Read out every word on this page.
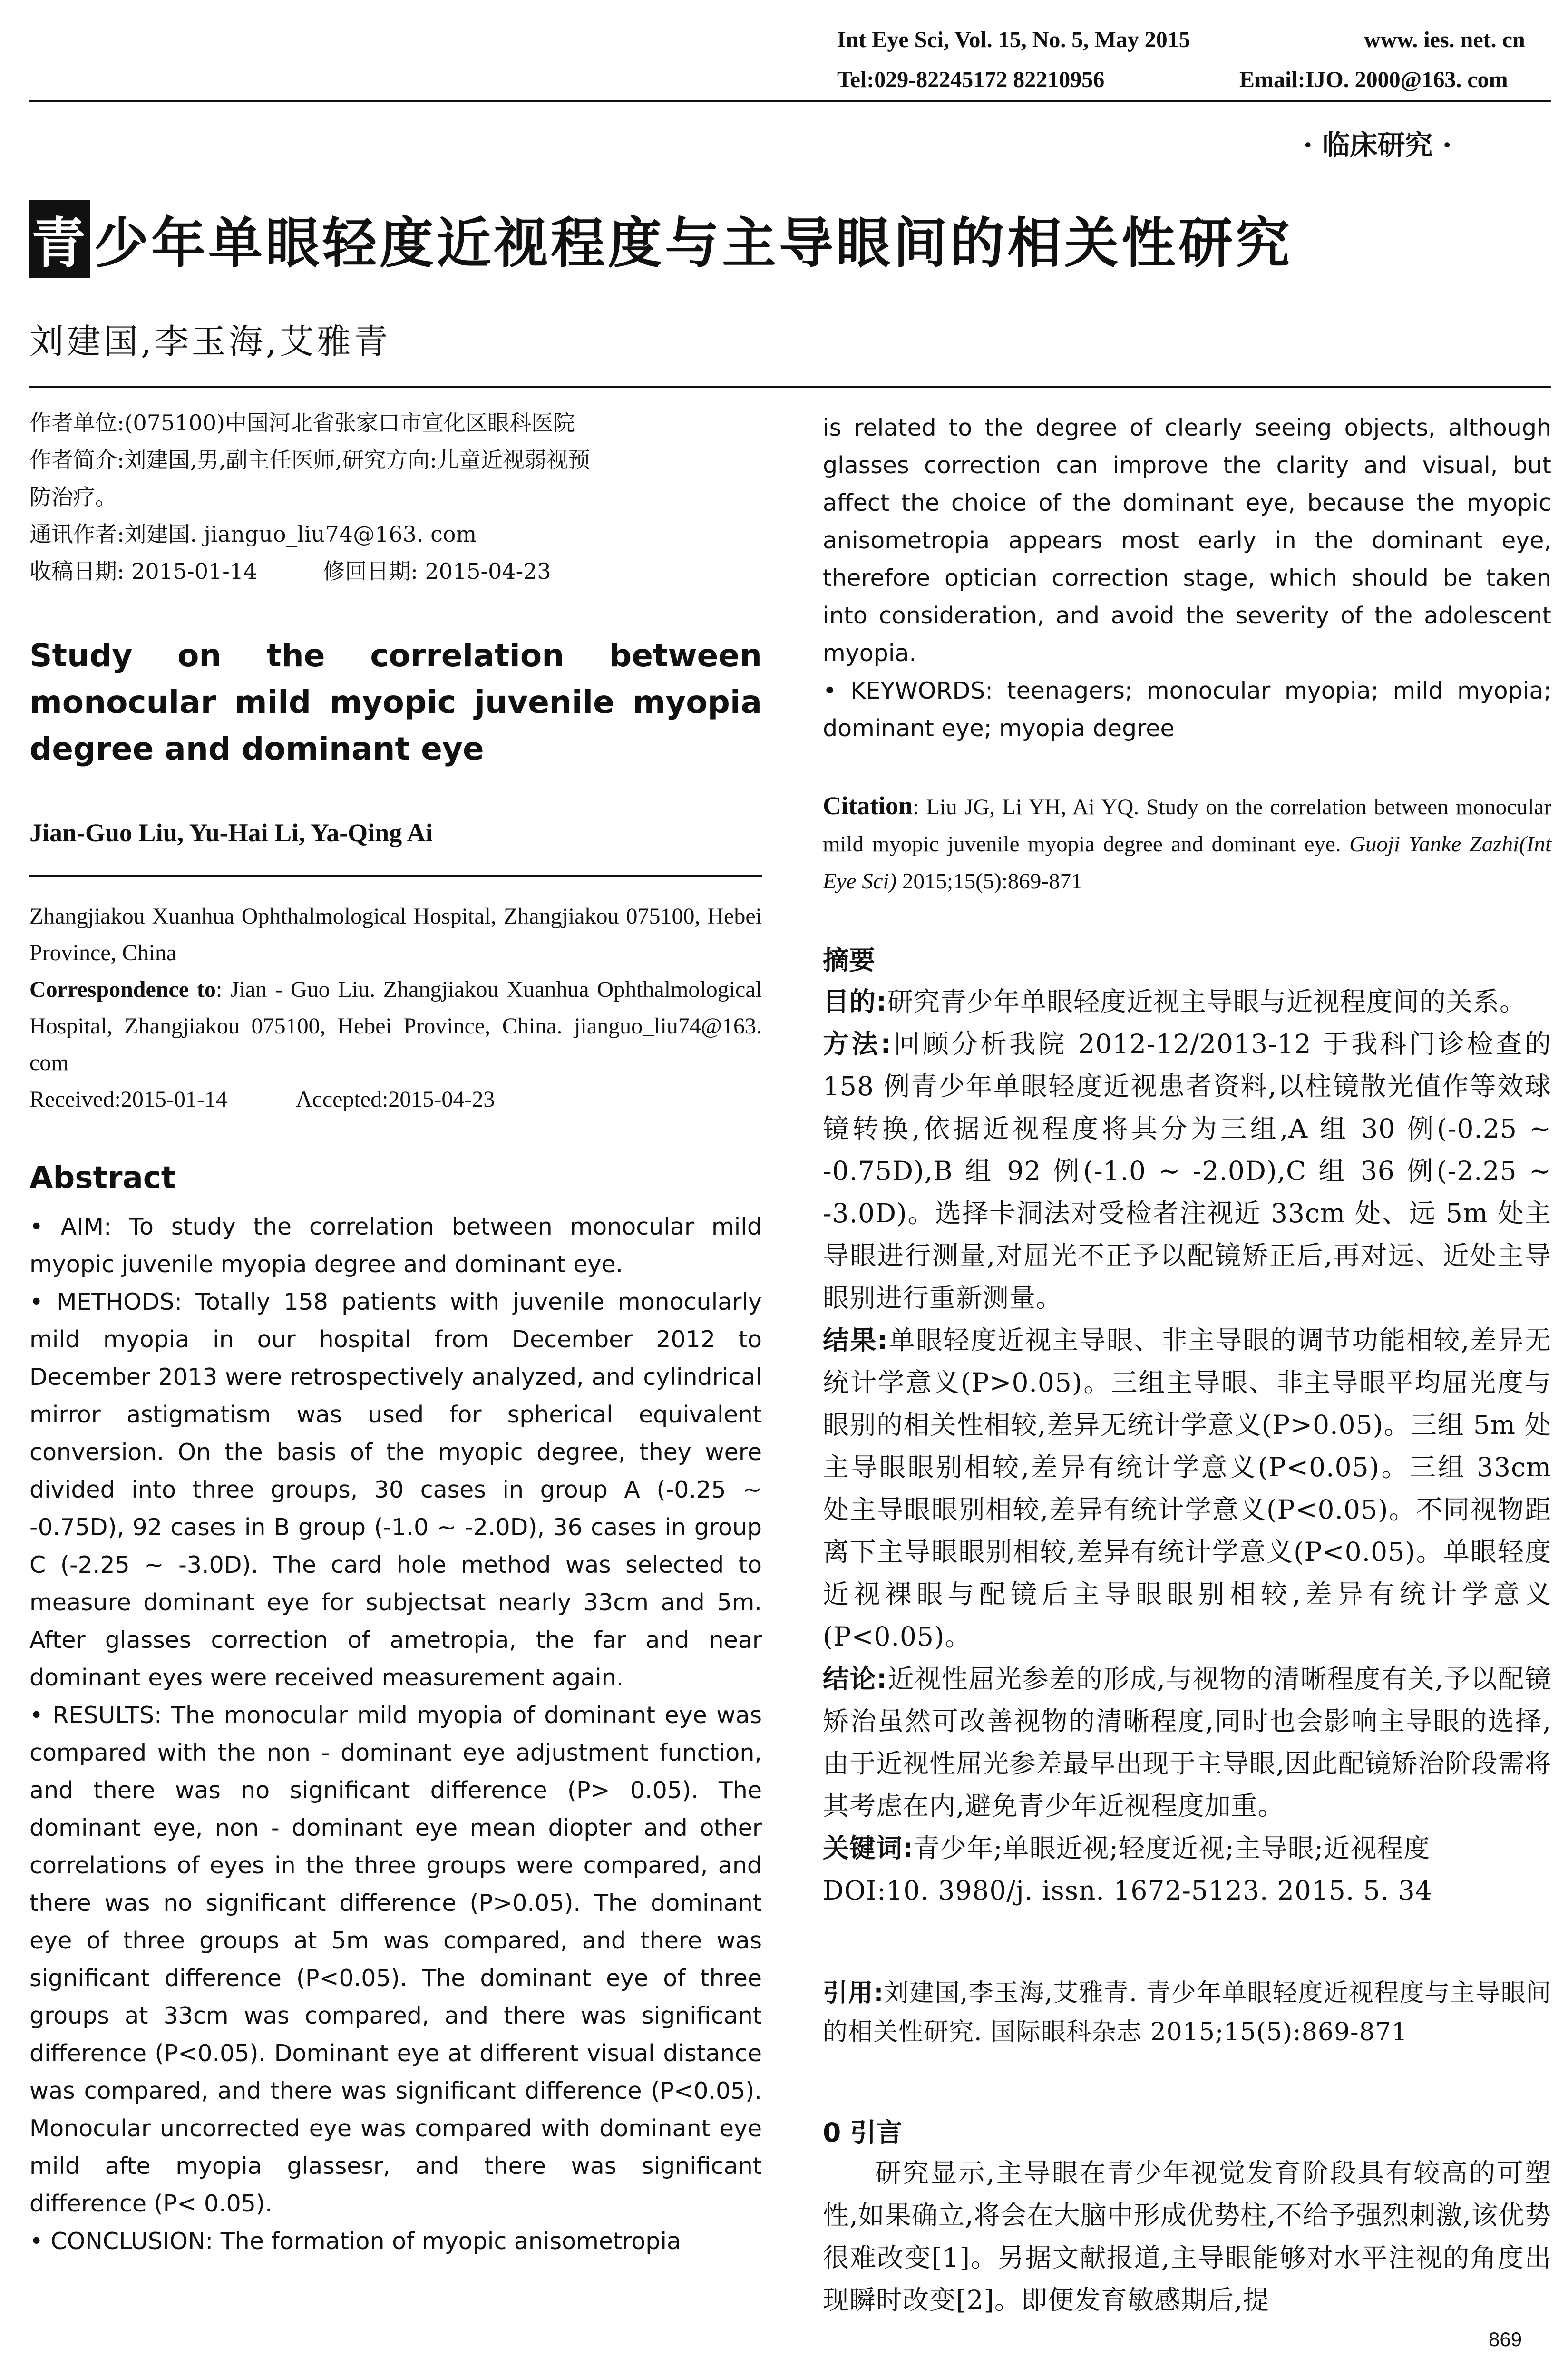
Int Eye Sci, Vol. 15, No. 5, May 2015	www. ies. net. cn
Tel:029-82245172 82210956	Email:IJO. 2000@163. com
· 临床研究 ·
青 少年单眼轻度近视程度与主导眼间的相关性研究
刘建国,李玉海,艾雅青

作者单位:(075100)中国河北省张家口市宣化区眼科医院

作者简介:刘建国,男,副主任医师,研究方向:儿童近视弱视预

防治疗。

通讯作者:刘建国. jianguo_liu74@163. com

收稿日期: 2015-01-14　　　修回日期: 2015-04-23

Study on the correlation between monocular mild myopic juvenile myopia degree and dominant eye
Jian-Guo Liu, Yu-Hai Li, Ya-Qing Ai

Zhangjiakou Xuanhua Ophthalmological Hospital, Zhangjiakou 075100, Hebei Province, China

Correspondence to: Jian - Guo Liu. Zhangjiakou Xuanhua Ophthalmological Hospital, Zhangjiakou 075100, Hebei Province, China. jianguo_liu74@163. com

Received:2015-01-14　　　Accepted:2015-04-23

Abstract

• AIM: To study the correlation between monocular mild myopic juvenile myopia degree and dominant eye.

• METHODS: Totally 158 patients with juvenile monocularly mild myopia in our hospital from December 2012 to December 2013 were retrospectively analyzed, and cylindrical mirror astigmatism was used for spherical equivalent conversion. On the basis of the myopic degree, they were divided into three groups, 30 cases in group A (-0.25 ~ -0.75D), 92 cases in B group (-1.0 ~ -2.0D), 36 cases in group C (-2.25 ~ -3.0D). The card hole method was selected to measure dominant eye for subjectsat nearly 33cm and 5m. After glasses correction of ametropia, the far and near dominant eyes were received measurement again.

• RESULTS: The monocular mild myopia of dominant eye was compared with the non - dominant eye adjustment function, and there was no significant difference (P> 0.05). The dominant eye, non - dominant eye mean diopter and other correlations of eyes in the three groups were compared, and there was no significant difference (P>0.05). The dominant eye of three groups at 5m was compared, and there was significant difference (P<0.05). The dominant eye of three groups at 33cm was compared, and there was significant difference (P<0.05). Dominant eye at different visual distance was compared, and there was significant difference (P<0.05). Monocular uncorrected eye was compared with dominant eye mild afte myopia glassesr, and there was significant difference (P< 0.05).

• CONCLUSION: The formation of myopic anisometropia

is related to the degree of clearly seeing objects, although glasses correction can improve the clarity and visual, but affect the choice of the dominant eye, because the myopic anisometropia appears most early in the dominant eye, therefore optician correction stage, which should be taken into consideration, and avoid the severity of the adolescent myopia.

• KEYWORDS: teenagers; monocular myopia; mild myopia; dominant eye; myopia degree

Citation: Liu JG, Li YH, Ai YQ. Study on the correlation between monocular mild myopic juvenile myopia degree and dominant eye. Guoji Yanke Zazhi(Int Eye Sci) 2015;15(5):869-871
摘要

目的:研究青少年单眼轻度近视主导眼与近视程度间的关系。

方法:回顾分析我院 2012-12/2013-12 于我科门诊检查的 158 例青少年单眼轻度近视患者资料,以柱镜散光值作等效球镜转换,依据近视程度将其分为三组,A 组 30 例(-0.25 ~ -0.75D),B 组 92 例(-1.0 ~ -2.0D),C 组 36 例(-2.25 ~ -3.0D)。选择卡洞法对受检者注视近 33cm 处、远 5m 处主导眼进行测量,对屈光不正予以配镜矫正后,再对远、近处主导眼别进行重新测量。

结果:单眼轻度近视主导眼、非主导眼的调节功能相较,差异无统计学意义(P>0.05)。三组主导眼、非主导眼平均屈光度与眼别的相关性相较,差异无统计学意义(P>0.05)。三组 5m 处主导眼眼别相较,差异有统计学意义(P<0.05)。三组 33cm 处主导眼眼别相较,差异有统计学意义(P<0.05)。不同视物距离下主导眼眼别相较,差异有统计学意义(P<0.05)。单眼轻度近视裸眼与配镜后主导眼眼别相较,差异有统计学意义(P<0.05)。

结论:近视性屈光参差的形成,与视物的清晰程度有关,予以配镜矫治虽然可改善视物的清晰程度,同时也会影响主导眼的选择,由于近视性屈光参差最早出现于主导眼,因此配镜矫治阶段需将其考虑在内,避免青少年近视程度加重。

关键词:青少年;单眼近视;轻度近视;主导眼;近视程度

DOI:10. 3980/j. issn. 1672-5123. 2015. 5. 34

引用:刘建国,李玉海,艾雅青. 青少年单眼轻度近视程度与主导眼间的相关性研究. 国际眼科杂志 2015;15(5):869-871
0 引言

研究显示,主导眼在青少年视觉发育阶段具有较高的可塑性,如果确立,将会在大脑中形成优势柱,不给予强烈刺激,该优势很难改变[1]。另据文献报道,主导眼能够对水平注视的角度出现瞬时改变[2]。即便发育敏感期后,提

869
